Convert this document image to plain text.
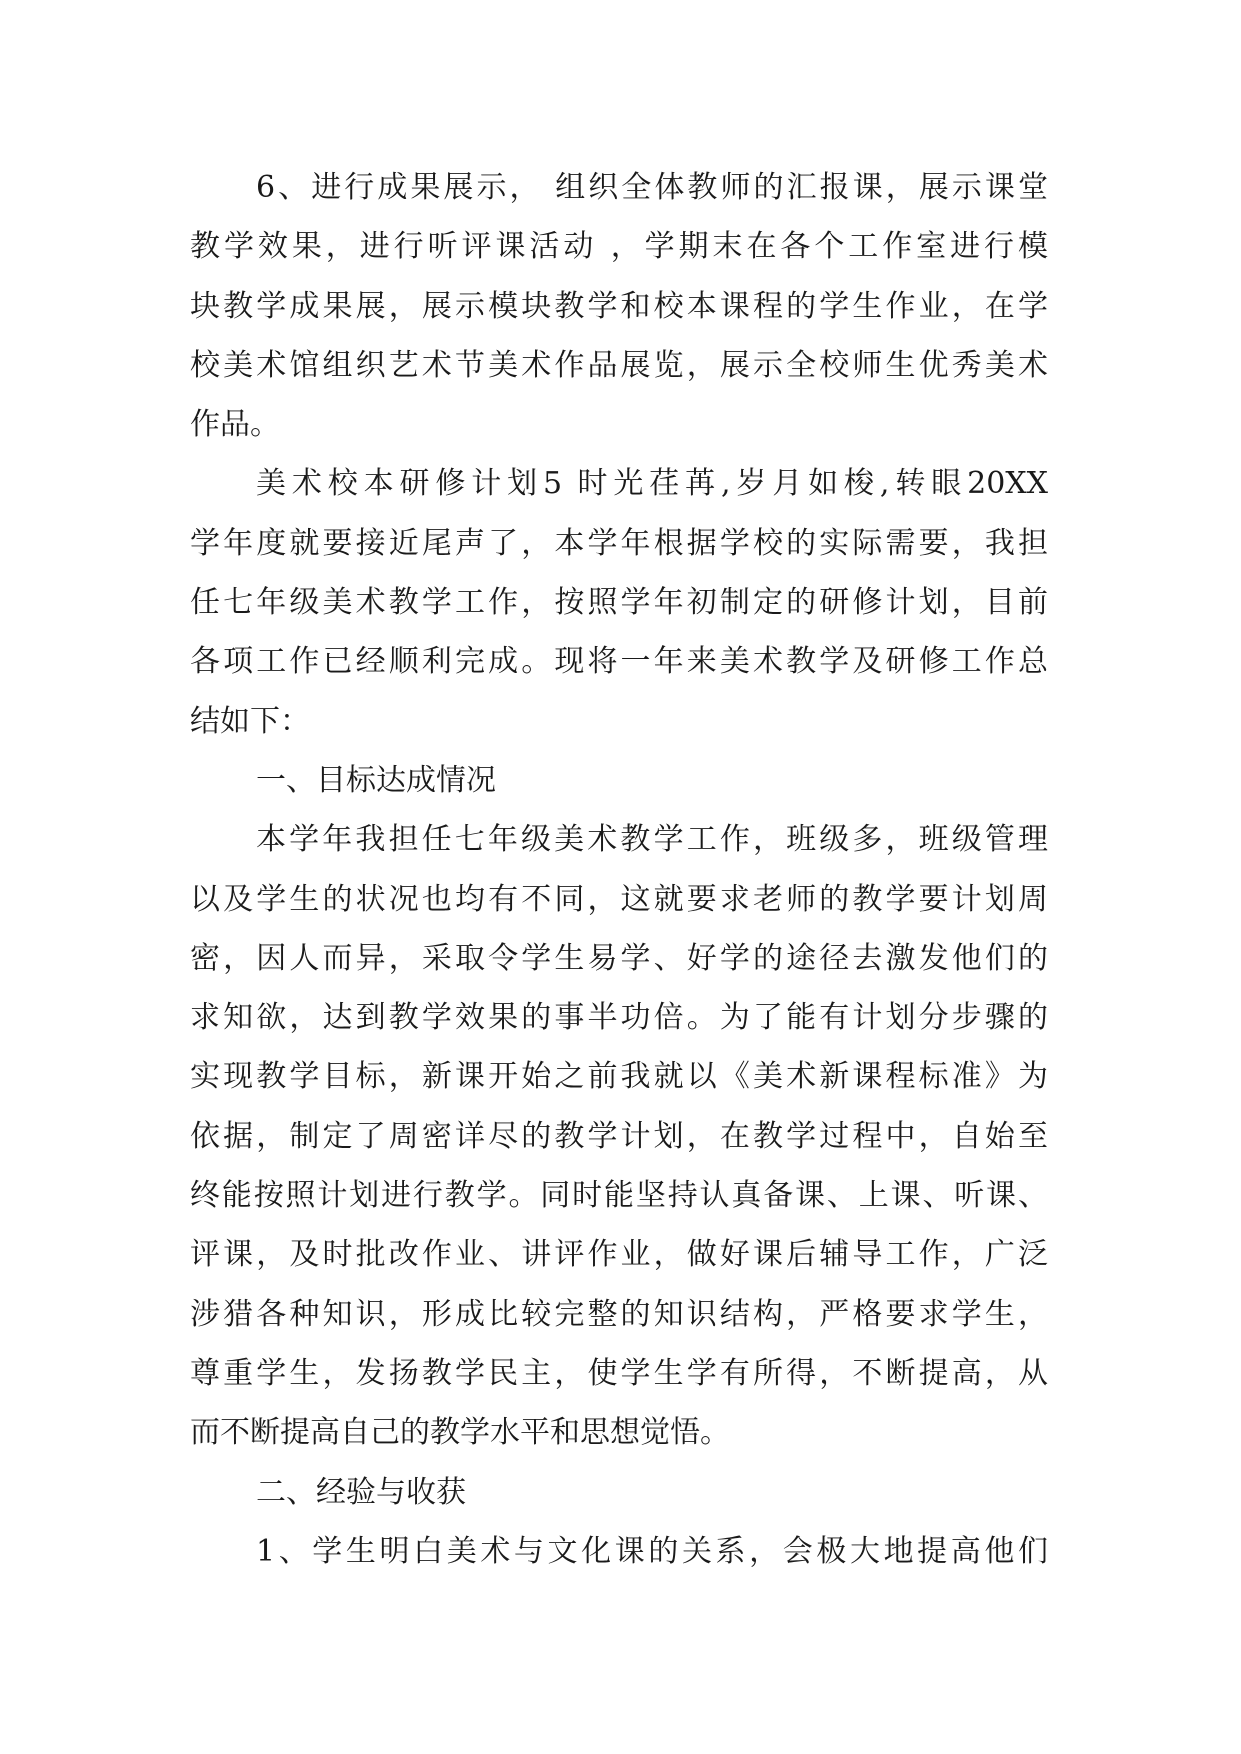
6、进行成果展示， 组织全体教师的汇报课，展示课堂
教学效果，进行听评课活动 ，学期末在各个工作室进行模
块教学成果展，展示模块教学和校本课程的学生作业，在学
校美术馆组织艺术节美术作品展览，展示全校师生优秀美术
作品。
美术校本研修计划5 时光荏苒,岁月如梭,转眼20XX
学年度就要接近尾声了，本学年根据学校的实际需要，我担
任七年级美术教学工作，按照学年初制定的研修计划，目前
各项工作已经顺利完成。现将一年来美术教学及研修工作总
结如下：
一、目标达成情况
本学年我担任七年级美术教学工作，班级多，班级管理
以及学生的状况也均有不同，这就要求老师的教学要计划周
密，因人而异，采取令学生易学、好学的途径去激发他们的
求知欲，达到教学效果的事半功倍。为了能有计划分步骤的
实现教学目标，新课开始之前我就以《美术新课程标准》为
依据，制定了周密详尽的教学计划，在教学过程中，自始至
终能按照计划进行教学。同时能坚持认真备课、上课、听课、
评课，及时批改作业、讲评作业，做好课后辅导工作，广泛
涉猎各种知识，形成比较完整的知识结构，严格要求学生，
尊重学生，发扬教学民主，使学生学有所得，不断提高，从
而不断提高自己的教学水平和思想觉悟。
二、经验与收获
1、学生明白美术与文化课的关系，会极大地提高他们
